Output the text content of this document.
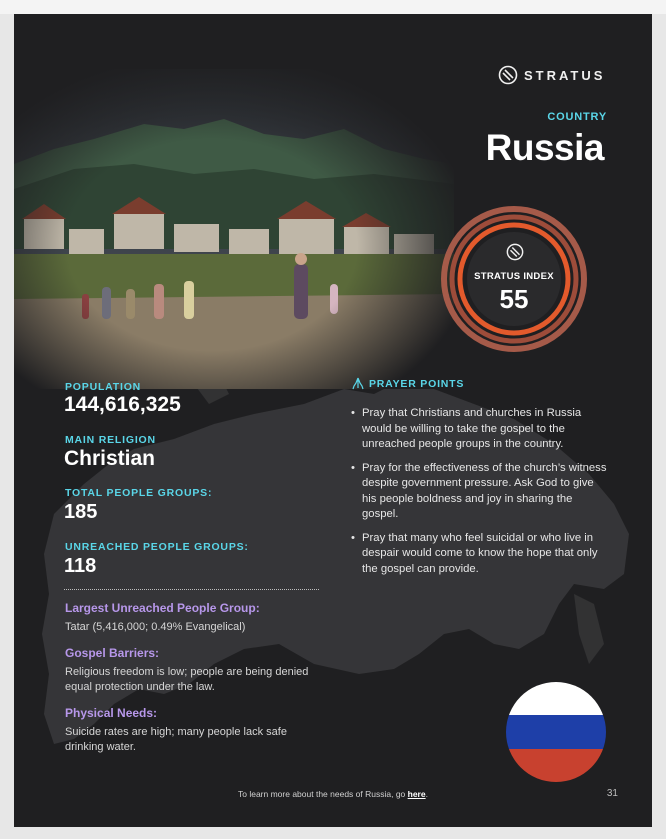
STRATUS
COUNTRY
Russia
STRATUS INDEX
55
POPULATION
144,616,325
MAIN RELIGION
Christian
TOTAL PEOPLE GROUPS:
185
UNREACHED PEOPLE GROUPS:
118
Largest Unreached People Group:
Tatar (5,416,000; 0.49% Evangelical)
Gospel Barriers:
Religious freedom is low; people are being denied equal protection under the law.
Physical Needs:
Suicide rates are high; many people lack safe drinking water.
PRAYER POINTS
• Pray that Christians and churches in Russia would be willing to take the gospel to the unreached people groups in the country.
• Pray for the effectiveness of the church’s witness despite government pressure. Ask God to give his people boldness and joy in sharing the gospel.
• Pray that many who feel suicidal or who live in despair would come to know the hope that only the gospel can provide.
To learn more about the needs of Russia, go here.	31
